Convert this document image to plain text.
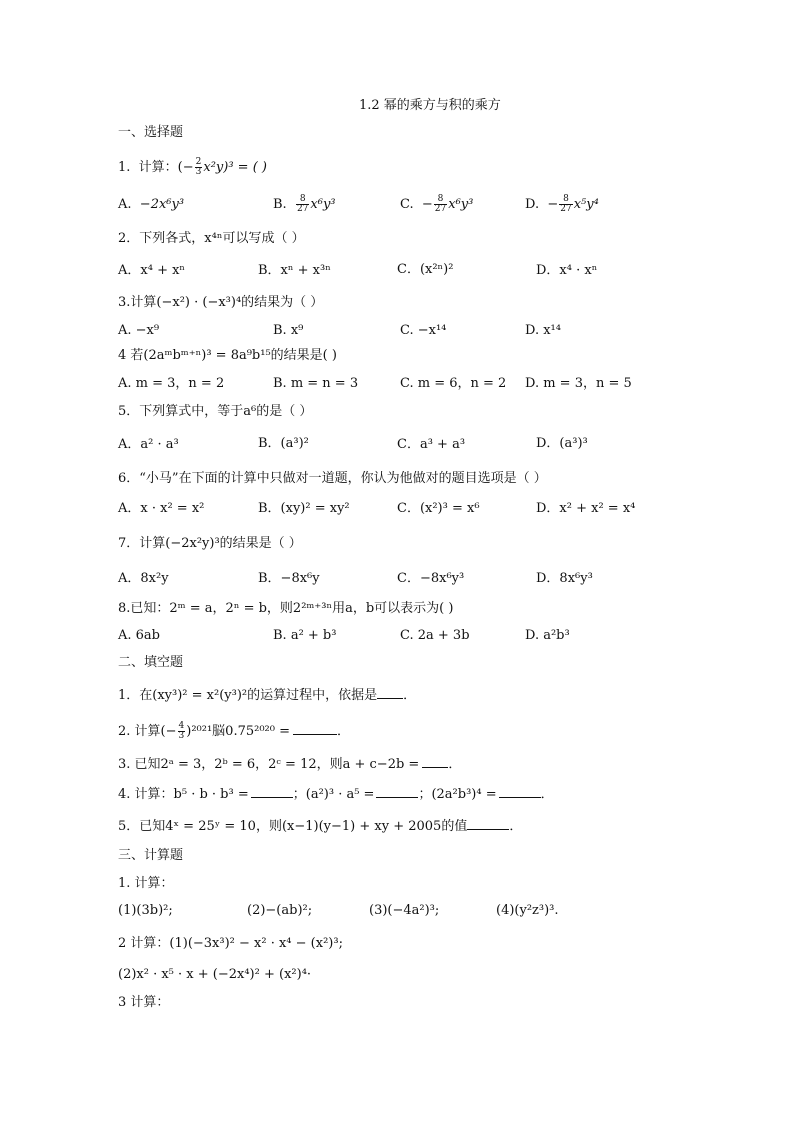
1.2 幂的乘方与积的乘方
一、选择题
1. 计算：(− $\frac{2}{3} x^2y)^3$ = ( )
A. −2x⁶y³	B. $\frac{8}{27} x^6y^3$	C. − $\frac{8}{27} x^6y^3$	D. − $\frac{8}{27} x^5y^4$
2．下列各式，x⁴ⁿ可以写成（ ）
A．x⁴ + xⁿ	B．xⁿ + x³ⁿ	C．(x²ⁿ)²	D．x⁴ · xⁿ
3.计算(−x²) · (−x³)⁴的结果为（ ）
A. −x⁹	B. x⁹	C. −x¹⁴	D. x¹⁴
4 若(2aᵐbᵐ⁺ⁿ)³ = 8a⁹b¹⁵的结果是( )
A. m = 3，n = 2	B. m = n = 3	C. m = 6，n = 2 D. m = 3，n = 5
5．下列算式中，等于a⁶的是（ ）
A．a² · a³	B．(a³)²	C．a³ + a³	D．(a³)³
6．“小马”在下面的计算中只做对一道题，你认为他做对的题目选项是（ ）
A．x · x² = x²	B．(xy)² = xy²	C．(x²)³ = x⁶	D．x² + x² = x⁴
7．计算(−2x²y)³的结果是（ ）
A．8x²y	B．−8x⁶y	C．−8x⁶y³	D．8x⁶y³
8.已知：2ᵐ = a，2ⁿ = b，则2²ᵐ⁺³ⁿ用a，b可以表示为( )
A. 6ab	B. a² + b³	C. 2a + 3b	D. a²b³
二、填空题
1．在(xy³)² = x²(y³)²的运算过程中，依据是 ．
2. 计算(− $\frac{4}{3} )^{2021}$脳0.75²⁰²⁰ =	．
3. 已知2ᵃ = 3，2ᵇ = 6，2ᶜ = 12，则a + c−2b = ．
4. 计算：b⁵ · b · b³ =	；(a²)³ · a⁵ =	；(2a²b³)⁴ =	．
5．已知4ˣ = 25ʸ = 10，则(x−1)(y−1) + xy + 2005的值	．
三、计算题
1. 计算：
(1)(3b)²;	(2)−(ab)²;	(3)(−4a²)³;	(4)(y²z³)³.
2 计算：(1)(−3x³)² − x² · x⁴ − (x²)³;
(2)x² · x⁵ · x + (−2x⁴)² + (x²)⁴·
3 计算：
